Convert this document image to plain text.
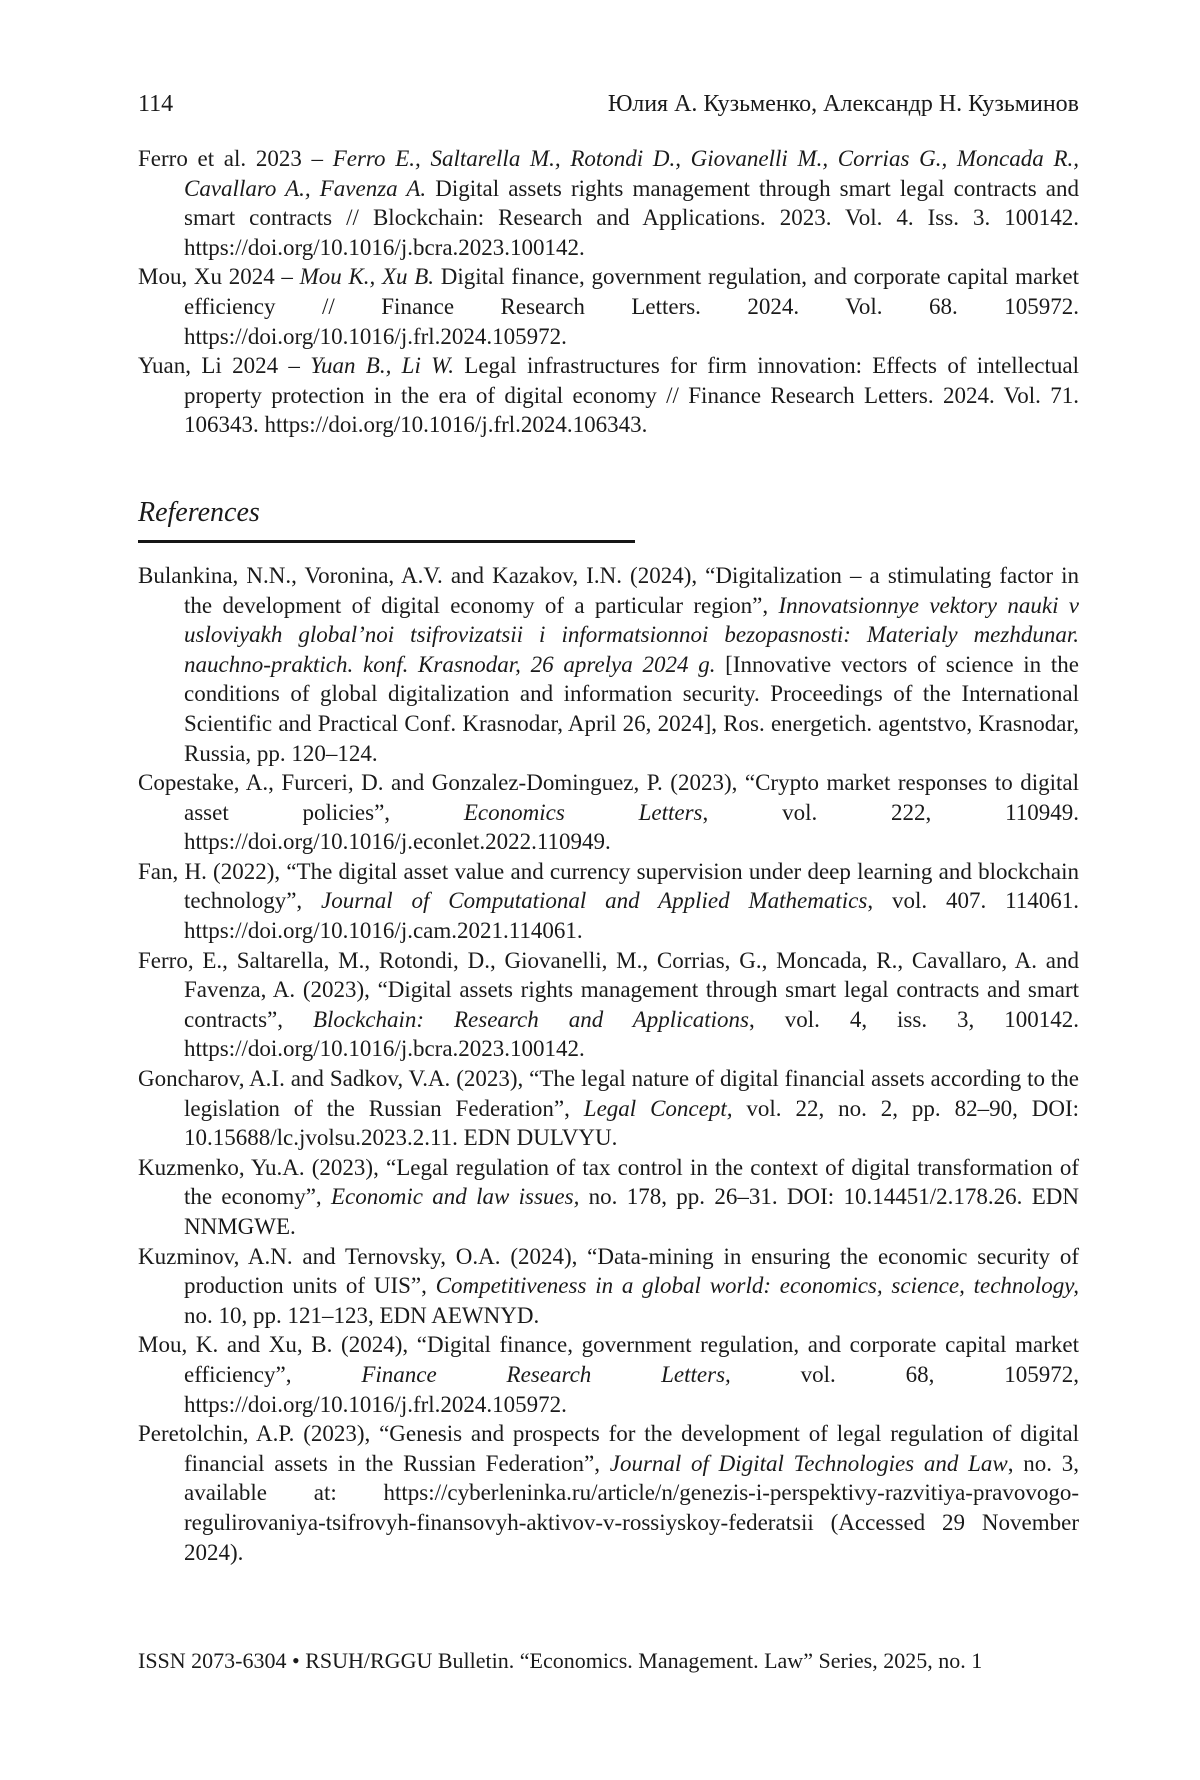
114	Юлия А. Кузьменко, Александр Н. Кузьминов

Ferro et al. 2023 – Ferro E., Saltarella M., Rotondi D., Giovanelli M., Corrias G., Moncada R., Cavallaro A., Favenza A. Digital assets rights management through smart legal contracts and smart contracts // Blockchain: Research and Applications. 2023. Vol. 4. Iss. 3. 100142. https://doi.org/10.1016/j.bcra.2023.100142.

Mou, Xu 2024 – Mou K., Xu B. Digital finance, government regulation, and corporate capital market efficiency // Finance Research Letters. 2024. Vol. 68. 105972. https://doi.org/10.1016/j.frl.2024.105972.

Yuan, Li 2024 – Yuan B., Li W. Legal infrastructures for firm innovation: Effects of intellectual property protection in the era of digital economy // Finance Research Letters. 2024. Vol. 71. 106343. https://doi.org/10.1016/j.frl.2024.106343.

References

Bulankina, N.N., Voronina, A.V. and Kazakov, I.N. (2024), “Digitalization – a stimulating factor in the development of digital economy of a particular region”, Innovatsionnye vektory nauki v usloviyakh global’noi tsifrovizatsii i informatsionnoi bezopasnosti: Materialy mezhdunar. nauchno-praktich. konf. Krasnodar, 26 aprelya 2024 g. [Innovative vectors of science in the conditions of global digitalization and information security. Proceedings of the International Scientific and Practical Conf. Krasnodar, April 26, 2024], Ros. energetich. agentstvo, Krasnodar, Russia, pp. 120–124.

Copestake, A., Furceri, D. and Gonzalez-Dominguez, P. (2023), “Crypto market responses to digital asset policies”, Economics Letters, vol. 222, 110949. https://doi.org/10.1016/j.econlet.2022.110949.

Fan, H. (2022), “The digital asset value and currency supervision under deep learning and blockchain technology”, Journal of Computational and Applied Mathematics, vol. 407. 114061. https://doi.org/10.1016/j.cam.2021.114061.

Ferro, E., Saltarella, M., Rotondi, D., Giovanelli, M., Corrias, G., Moncada, R., Cavallaro, A. and Favenza, A. (2023), “Digital assets rights management through smart legal contracts and smart contracts”, Blockchain: Research and Applications, vol. 4, iss. 3, 100142. https://doi.org/10.1016/j.bcra.2023.100142.

Goncharov, A.I. and Sadkov, V.A. (2023), “The legal nature of digital financial assets according to the legislation of the Russian Federation”, Legal Concept, vol. 22, no. 2, pp. 82–90, DOI: 10.15688/lc.jvolsu.2023.2.11. EDN DULVYU.

Kuzmenko, Yu.A. (2023), “Legal regulation of tax control in the context of digital transformation of the economy”, Economic and law issues, no. 178, pp. 26–31. DOI: 10.14451/2.178.26. EDN NNMGWE.

Kuzminov, A.N. and Ternovsky, O.A. (2024), “Data-mining in ensuring the economic security of production units of UIS”, Competitiveness in a global world: economics, science, technology, no. 10, pp. 121–123, EDN AEWNYD.

Mou, K. and Xu, B. (2024), “Digital finance, government regulation, and corporate capital market efficiency”, Finance Research Letters, vol. 68, 105972, https://doi.org/10.1016/j.frl.2024.105972.

Peretolchin, A.P. (2023), “Genesis and prospects for the development of legal regulation of digital financial assets in the Russian Federation”, Journal of Digital Technologies and Law, no. 3, available at: https://cyberleninka.ru/article/n/genezis-i-perspektivy-razvitiya-pravovogo-regulirovaniya-tsifrovyh-finansovyh-aktivov-v-rossiyskoy-federatsii (Accessed 29 November 2024).

ISSN 2073-6304 • RSUH/RGGU Bulletin. “Economics. Management. Law” Series, 2025, no. 1
